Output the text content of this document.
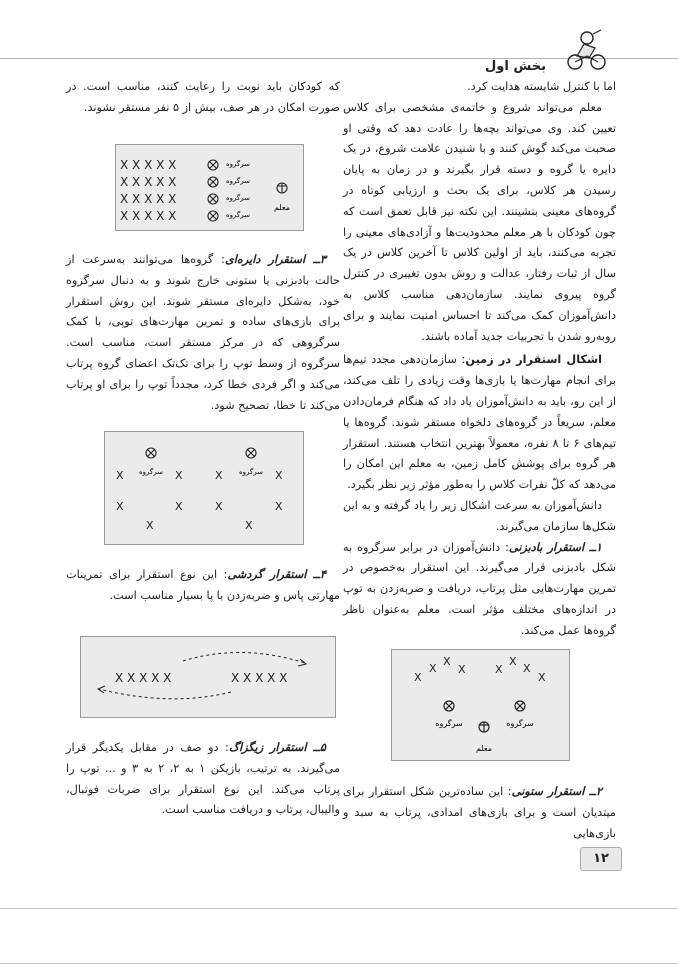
بخش اول

اما با کنترل شایسته هدایت کرد.

معلم می‌تواند شروع و خاتمه‌ی مشخصی برای کلاس تعیین کند. وی می‌تواند بچه‌ها را عادت دهد که وقتی او صحبت می‌کند گوش کنند و با شنیدن علامت شروع، در یک دایره یا گروه و دسته قرار بگیرند و در زمان به پایان رسیدن هر کلاس، برای یک بحث و ارزیابی کوتاه در گروه‌های معینی بنشینند. این نکته نیز قابل تعمق است که چون کودکان با هر معلم محدودیت‌ها و آزادی‌های معینی را تجربه می‌کنند، باید از اولین کلاس تا آخرین کلاس در یک سال از ثبات رفتار، عدالت و روش بدون تغییری در کنترل گروه پیروی نمایند. سازمان‌دهی مناسب کلاس به دانش‌آموزان کمک می‌کند تا احساس امنیت نمایند و برای روبه‌رو شدن با تجربیات جدید آماده باشند.

اشکال استقرار در زمین: سازمان‌دهی مجدد تیم‌ها برای انجام مهارت‌ها یا بازی‌ها وقت زیادی را تلف می‌کند، از این رو، باید به دانش‌آموزان یاد داد که هنگام فرمان‌دادن معلم، سریعاً در گروه‌های دلخواه مستقر شوند. گروه‌ها یا تیم‌های ۶ تا ۸ نفره، معمولاً بهترین انتخاب هستند. استقرار هر گروه برای پوشش کامل زمین، به معلم این امکان را می‌دهد که کلّ نفرات کلاس را به‌طور مؤثر زیر نظر بگیرد.

دانش‌آموزان به سرعت اشکال زیر را یاد گرفته و به این شکل‌ها سازمان می‌گیرند.

۱ــ استقرار بادبزنی: دانش‌آموزان در برابر سرگروه به شکل بادبزنی قرار می‌گیرند. این استقرار به‌خصوص در تمرین مهارت‌هایی مثل پرتاب، دریافت و ضربه‌زدن به توپ در اندازه‌های مختلف مؤثر است. معلم به‌عنوان ناظر گروه‌ها عمل می‌کند.

X
X
X
X	X
X
X
X
سرگروه	سرگروه
معلم

۲ــ استقرار ستونی: این ساده‌ترین شکل استقرار برای میتدیان است و برای بازی‌های امدادی، پرتاب به سبد و بازی‌هایی

که کودکان باید نوبت را رعایت کنند، مناسب است. در صورت امکان در هر صف، بیش از ۵ نفر مستقر نشوند.

X X X X X
X X X X X
X X X X X
X X X X X
سرگروه
سرگروه
سرگروه
سرگروه
معلم

۳ــ استقرار دایره‌ای: گروه‌ها می‌توانند به‌سرعت از حالت بادبزنی یا ستونی خارج شوند و به دنبال سرگروه خود، به‌شکل دایره‌ای مستقر شوند. این روش استقرار برای بازی‌های ساده و تمرین مهارت‌های توپی، با کمک سرگروهی که در مرکز مستقر است، مناسب است. سرگروه از وسط توپ را برای تک‌تک اعضای گروه پرتاب می‌کند و اگر فردی خطا کرد، مجدداً توپ را برای او پرتاب می‌کند تا خطا، تصحیح شود.

X	X
X	X
X
X	X
X	X
X
سرگروه	سرگروه

۴ــ استقرار گردشی: این نوع استقرار برای تمرینات مهارتی پاس و ضربه‌زدن با پا بسیار مناسب است.

X X X X X	X X X X X

۵ــ استقرار زیگزاگ: دو صف در مقابل یکدیگر قرار می‌گیرند. به ترتیب، بازیکن ۱ به ۲، ۲ به ۳ و ... توپ را پرتاب می‌کند. این نوع استقرار برای ضربات فوتبال، والیبال، پرتاب و دریافت مناسب است.

۱۲
